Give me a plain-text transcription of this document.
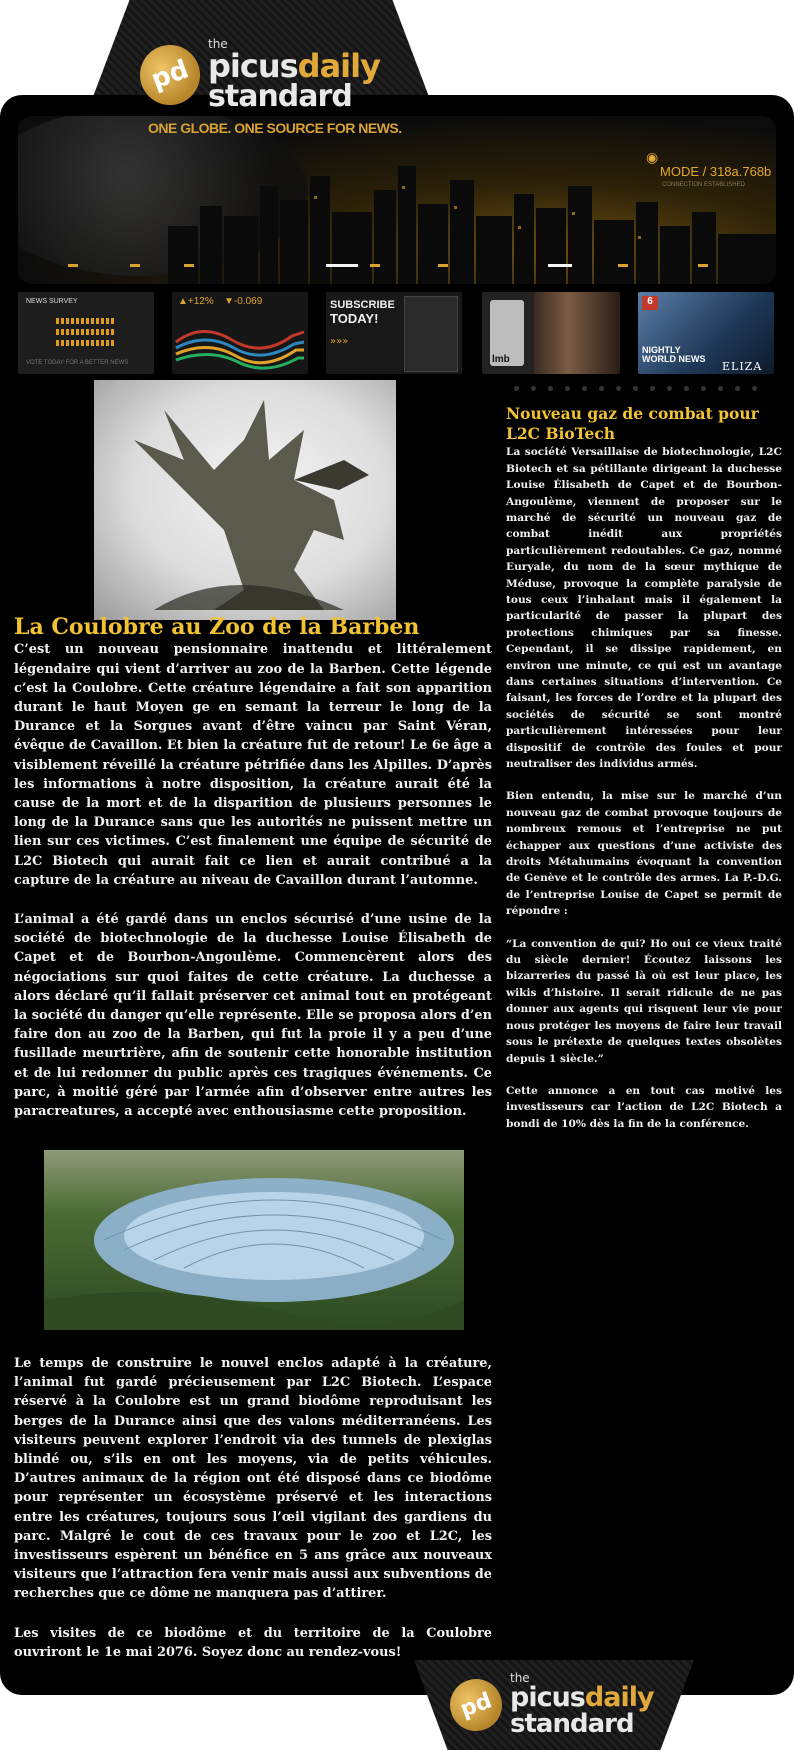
pd
the
picusdaily
standard
ONE GLOBE. ONE SOURCE FOR NEWS.
◉
MODE / 318a.768b
CONNECTION ESTABLISHED
NEWS SURVEY
VOTE TODAY FOR A BETTER NEWS
▲+12% ▼-0.069	SUBSCRIBE
TODAY!
»»»
lmb
6
NIGHTLY
WORLD NEWS
ELIZA
La Coulobre au Zoo de la Barben

C’est un nouveau pensionnaire inattendu et littéralement légendaire qui vient d’arriver au zoo de la Barben. Cette légende c’est la Coulobre. Cette créature légendaire a fait son apparition durant le haut Moyen ge en semant la terreur le long de la Durance et la Sorgues avant d’être vaincu par Saint Véran, évêque de Cavaillon. Et bien la créature fut de retour! Le 6e âge a visiblement réveillé la créature pétrifiée dans les Alpilles. D’après les informations à notre disposition, la créature aurait été la cause de la mort et de la disparition de plusieurs personnes le long de la Durance sans que les autorités ne puissent mettre un lien sur ces victimes. C’est finalement une équipe de sécurité de L2C Biotech qui aurait fait ce lien et aurait contribué a la capture de la créature au niveau de Cavaillon durant l’automne.

L’animal a été gardé dans un enclos sécurisé d’une usine de la société de biotechnologie de la duchesse Louise Élisabeth de Capet et de Bourbon-Angoulème. Commencèrent alors des négociations sur quoi faites de cette créature. La duchesse a alors déclaré qu’il fallait préserver cet animal tout en protégeant la société du danger qu’elle représente. Elle se proposa alors d’en faire don au zoo de la Barben, qui fut la proie il y a peu d’une fusillade meurtrière, afin de soutenir cette honorable institution et de lui redonner du public après ces tragiques événements. Ce parc, à moitié géré par l’armée afin d’observer entre autres les paracreatures, a accepté avec enthousiasme cette proposition.

Le temps de construire le nouvel enclos adapté à la créature, l’animal fut gardé précieusement par L2C Biotech. L’espace réservé à la Coulobre est un grand biodôme reproduisant les berges de la Durance ainsi que des valons méditerranéens. Les visiteurs peuvent explorer l’endroit via des tunnels de plexiglas blindé ou, s’ils en ont les moyens, via de petits véhicules. D’autres animaux de la région ont été disposé dans ce biodôme pour représenter un écosystème préservé et les interactions entre les créatures, toujours sous l’œil vigilant des gardiens du parc. Malgré le cout de ces travaux pour le zoo et L2C, les investisseurs espèrent un bénéfice en 5 ans grâce aux nouveaux visiteurs que l’attraction fera venir mais aussi aux subventions de recherches que ce dôme ne manquera pas d’attirer.

Les visites de ce biodôme et du territoire de la Coulobre ouvriront le 1e mai 2076. Soyez donc au rendez-vous!

Nouveau gaz de combat pour L2C BioTech

La société Versaillaise de biotechnologie, L2C Biotech et sa pétillante dirigeant la duchesse Louise Élisabeth de Capet et de Bourbon-Angoulème, viennent de proposer sur le marché de sécurité un nouveau gaz de combat inédit aux propriétés particulièrement redoutables. Ce gaz, nommé Euryale, du nom de la sœur mythique de Méduse, provoque la complète paralysie de tous ceux l’inhalant mais il également la particularité de passer la plupart des protections chimiques par sa finesse. Cependant, il se dissipe rapidement, en environ une minute, ce qui est un avantage dans certaines situations d’intervention. Ce faisant, les forces de l’ordre et la plupart des sociétés de sécurité se sont montré particulièrement intéressées pour leur dispositif de contrôle des foules et pour neutraliser des individus armés.

Bien entendu, la mise sur le marché d’un nouveau gaz de combat provoque toujours de nombreux remous et l’entreprise ne put échapper aux questions d’une activiste des droits Métahumains évoquant la convention de Genève et le contrôle des armes. La P.-D.G. de l’entreprise Louise de Capet se permit de répondre :

“La convention de qui? Ho oui ce vieux traité du siècle dernier! Écoutez laissons les bizarreries du passé là où est leur place, les wikis d’histoire. Il serait ridicule de ne pas donner aux agents qui risquent leur vie pour nous protéger les moyens de faire leur travail sous le prétexte de quelques textes obsolètes depuis 1 siècle.”

Cette annonce a en tout cas motivé les investisseurs car l’action de L2C Biotech a bondi de 10% dès la fin de la conférence.

pd
the
picusdaily
standard
